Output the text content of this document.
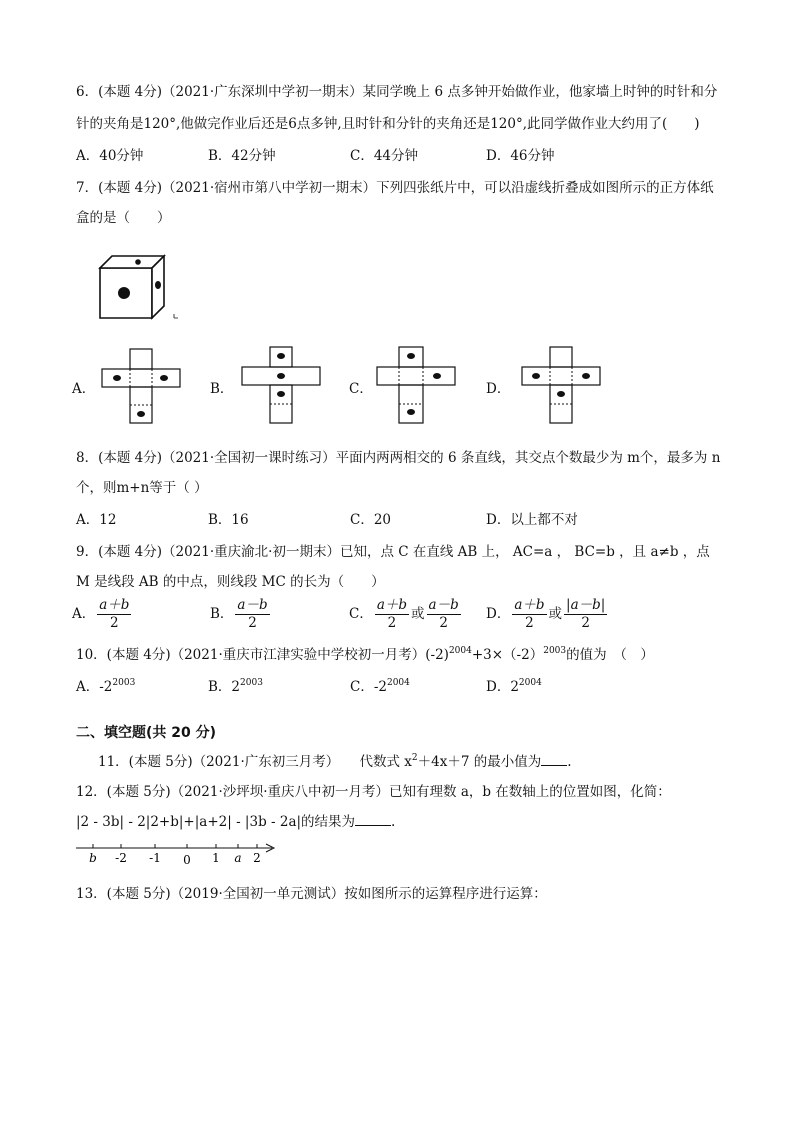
6．(本题 4分)（2021·广东深圳中学初一期末）某同学晚上 6 点多钟开始做作业，他家墙上时钟的时针和分
针的夹角是120°,他做完作业后还是6点多钟,且时针和分针的夹角还是120°,此同学做作业大约用了(　　)
A．40分钟	B．42分钟	C．44分钟	D．46分钟
7．(本题 4分)（2021·宿州市第八中学初一期末）下列四张纸片中，可以沿虚线折叠成如图所示的正方体纸
盒的是（　　）
A．	B．	C．	D．
8．(本题 4分)（2021·全国初一课时练习）平面内两两相交的 6 条直线，其交点个数最少为 m个，最多为 n
个，则m+n等于（ ）
A．12	B．16	C．20	D．以上都不对
9．(本题 4分)（2021·重庆渝北·初一期末）已知，点 C 在直线 AB 上， AC=a ， BC=b ，且 a≠b ，点
M 是线段 AB 的中点，则线段 MC 的长为（　　）
A． $\frac{a+b}{2}$	B． $\frac{a-b}{2}$	C． $\frac{a+b}{2}$ 或 $\frac{a-b}{2}$ D． $\frac{a+b}{2}$ 或 $\frac{|a-b|}{2}$
10．(本题 4分)（2021·重庆市江津实验中学校初一月考）$(-2)^{2004}+3\times(-2)^{2003}$的值为　（　）
A．$-2^{2003}$	B．$2^{2003}$	C．$-2^{2004}$	D．$2^{2004}$
二、填空题(共 20 分)
11．(本题 5分)（2021·广东初三月考）　　代数式 $x^2+4x+7$ 的最小值为 .
12．(本题 5分)（2021·沙坪坝·重庆八中初一月考）已知有理数 a，b 在数轴上的位置如图，化简：
|2 - 3b| - 2|2+b|+|a+2| - |3b - 2a|的结果为	.
b -2 -1 0 1 a 2
13．(本题 5分)（2019·全国初一单元测试）按如图所示的运算程序进行运算：
